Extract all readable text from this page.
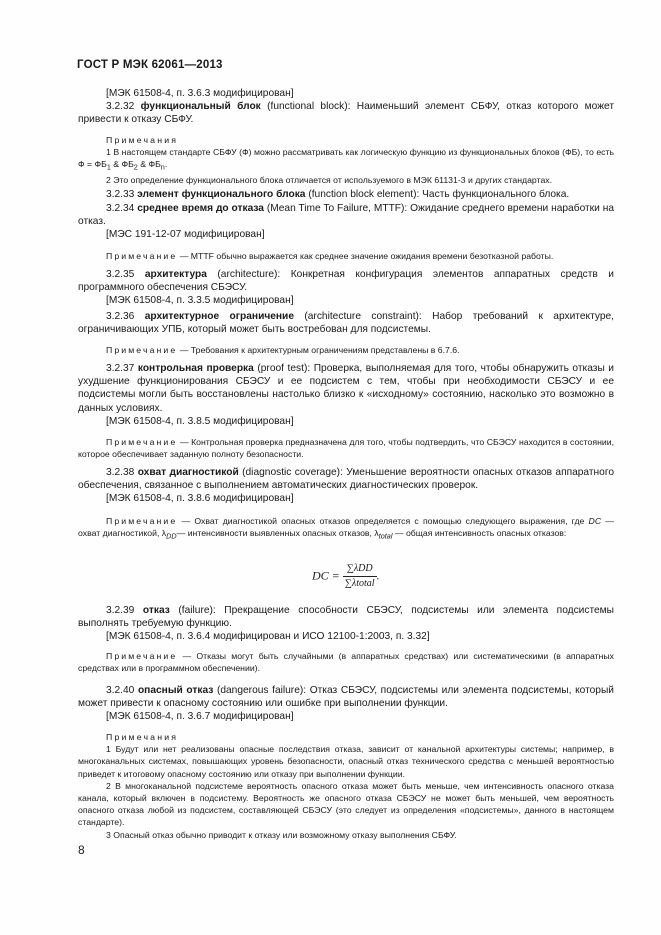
ГОСТ Р МЭК 62061—2013

[МЭК 61508-4, п. 3.6.3 модифицирован]

3.2.32 функциональный блок (functional block): Наименьший элемент СБФУ, отказ которого может привести к отказу СБФУ.

Примечания

1 В настоящем стандарте СБФУ (Ф) можно рассматривать как логическую функцию из функциональных блоков (ФБ), то есть $Ф = ФБ_1$ & $ФБ_2$ & $ФБ_n$.

2 Это определение функционального блока отличается от используемого в МЭК 61131-3 и других стандартах.

3.2.33 элемент функционального блока (function block element): Часть функционального блока.

3.2.34 среднее время до отказа (Mean Time To Failure, MTTF): Ожидание среднего времени наработки на отказ.

[МЭС 191-12-07 модифицирован]

Примечание — MTTF обычно выражается как среднее значение ожидания времени безотказной работы.

3.2.35 архитектура (architecture): Конкретная конфигурация элементов аппаратных средств и программного обеспечения СБЭСУ.

[МЭК 61508-4, п. 3.3.5 модифицирован]

3.2.36 архитектурное ограничение (architecture constraint): Набор требований к архитектуре, ограничивающих УПБ, который может быть востребован для подсистемы.

Примечание — Требования к архитектурным ограничениям представлены в 6.7.6.

3.2.37 контрольная проверка (proof test): Проверка, выполняемая для того, чтобы обнаружить отказы и ухудшение функционирования СБЭСУ и ее подсистем с тем, чтобы при необходимости СБЭСУ и ее подсистемы могли быть восстановлены настолько близко к «исходному» состоянию, насколько это возможно в данных условиях.

[МЭК 61508-4, п. 3.8.5 модифицирован]

Примечание — Контрольная проверка предназначена для того, чтобы подтвердить, что СБЭСУ находится в состоянии, которое обеспечивает заданную полноту безопасности.

3.2.38 охват диагностикой (diagnostic coverage): Уменьшение вероятности опасных отказов аппаратного обеспечения, связанное с выполнением автоматических диагностических проверок.

[МЭК 61508-4, п. 3.8.6 модифицирован]

Примечание — Охват диагностикой опасных отказов определяется с помощью следующего выражения, где DC — охват диагностикой, $\lambda_{DD}—$ интенсивности выявленных опасных отказов, $\lambda_{total}$ — общая интенсивность опасных отказов:

DC = ∑λDD
∑λtotal
.

3.2.39 отказ (failure): Прекращение способности СБЭСУ, подсистемы или элемента подсистемы выполнять требуемую функцию.

[МЭК 61508-4, п. 3.6.4 модифицирован и ИСО 12100-1:2003, п. 3.32]

Примечание — Отказы могут быть случайными (в аппаратных средствах) или систематическими (в аппаратных средствах или в программном обеспечении).

3.2.40 опасный отказ (dangerous failure): Отказ СБЭСУ, подсистемы или элемента подсистемы, который может привести к опасному состоянию или ошибке при выполнении функции.

[МЭК 61508-4, п. 3.6.7 модифицирован]

Примечания

1 Будут или нет реализованы опасные последствия отказа, зависит от канальной архитектуры системы; например, в многоканальных системах, повышающих уровень безопасности, опасный отказ технического средства с меньшей вероятностью приведет к итоговому опасному состоянию или отказу при выполнении функции.

2 В многоканальной подсистеме вероятность опасного отказа может быть меньше, чем интенсивность опасного отказа канала, который включен в подсистему. Вероятность же опасного отказа СБЭСУ не может быть меньшей, чем вероятность опасного отказа любой из подсистем, составляющей СБЭСУ (это следует из определения «подсистемы», данного в настоящем стандарте).

3 Опасный отказ обычно приводит к отказу или возможному отказу выполнения СБФУ.

8
